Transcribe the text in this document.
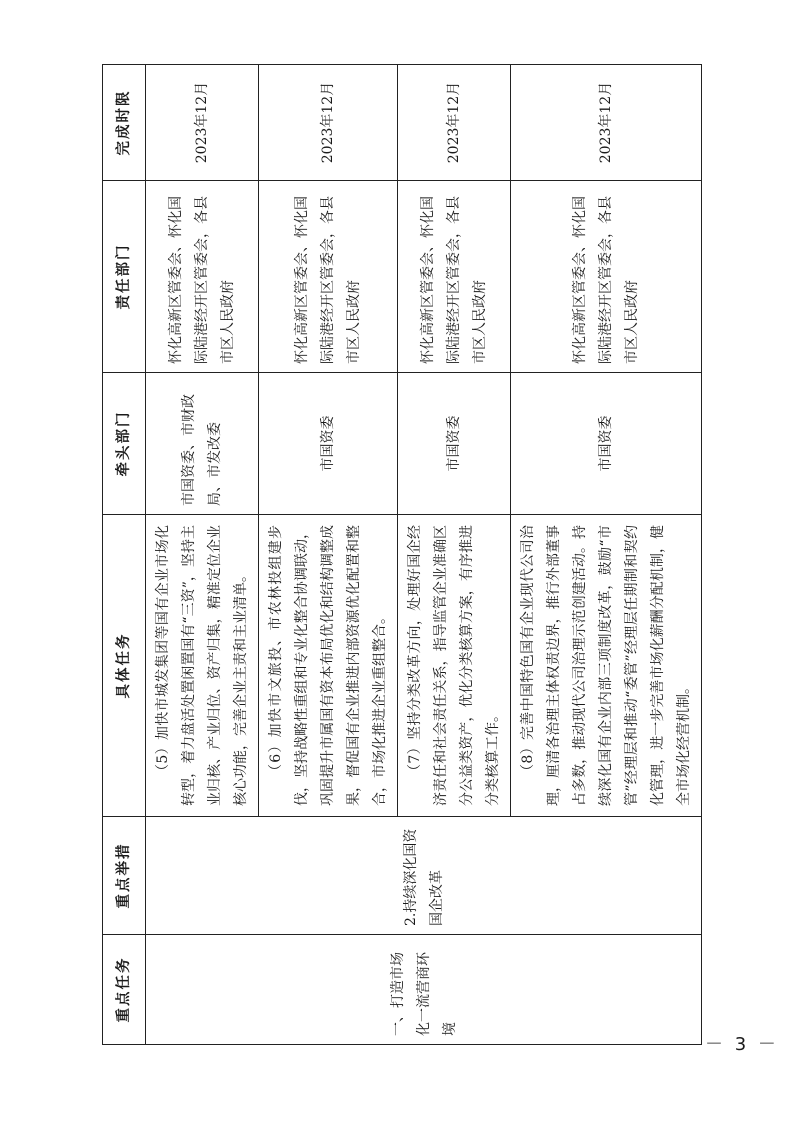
重点任务	重点举措	具体任务	牵头部门	责任部门	完成时限
一、打造市场化一流营商环境	2.持续深化国资国企改革	（5）加快市城发集团等国有企业市场化转型，着力盘活处置闲置国有“三资”，坚持主业归核、产业归位、资产归集，精准定位企业核心功能，完善企业主责和主业清单。	市国资委、市财政局、市发改委	怀化高新区管委会、怀化国际陆港经开区管委会，各县市区人民政府	2023年12月
		（6）加快市文旅投、市农林投组建步伐，坚持战略性重组和专业化整合协调联动，巩固提升市属国有资本布局优化和结构调整成果，督促国有企业推进内部资源优化配置和整合，市场化推进企业重组整合。	市国资委	怀化高新区管委会、怀化国际陆港经开区管委会，各县市区人民政府	2023年12月
		（7）坚持分类改革方向，处理好国企经济责任和社会责任关系，指导监管企业准确区分公益类资产，优化分类核算方案，有序推进分类核算工作。	市国资委	怀化高新区管委会、怀化国际陆港经开区管委会，各县市区人民政府	2023年12月
		（8）完善中国特色国有企业现代公司治理，厘清各治理主体权责边界，推行外部董事占多数，推动现代公司治理示范创建活动。持续深化国有企业内部三项制度改革，鼓励“市管”经理层和推动“委管”经理层任期制和契约化管理，进一步完善市场化薪酬分配机制，健全市场化经营机制。	市国资委	怀化高新区管委会、怀化国际陆港经开区管委会，各县市区人民政府	2023年12月
－ 3 －
